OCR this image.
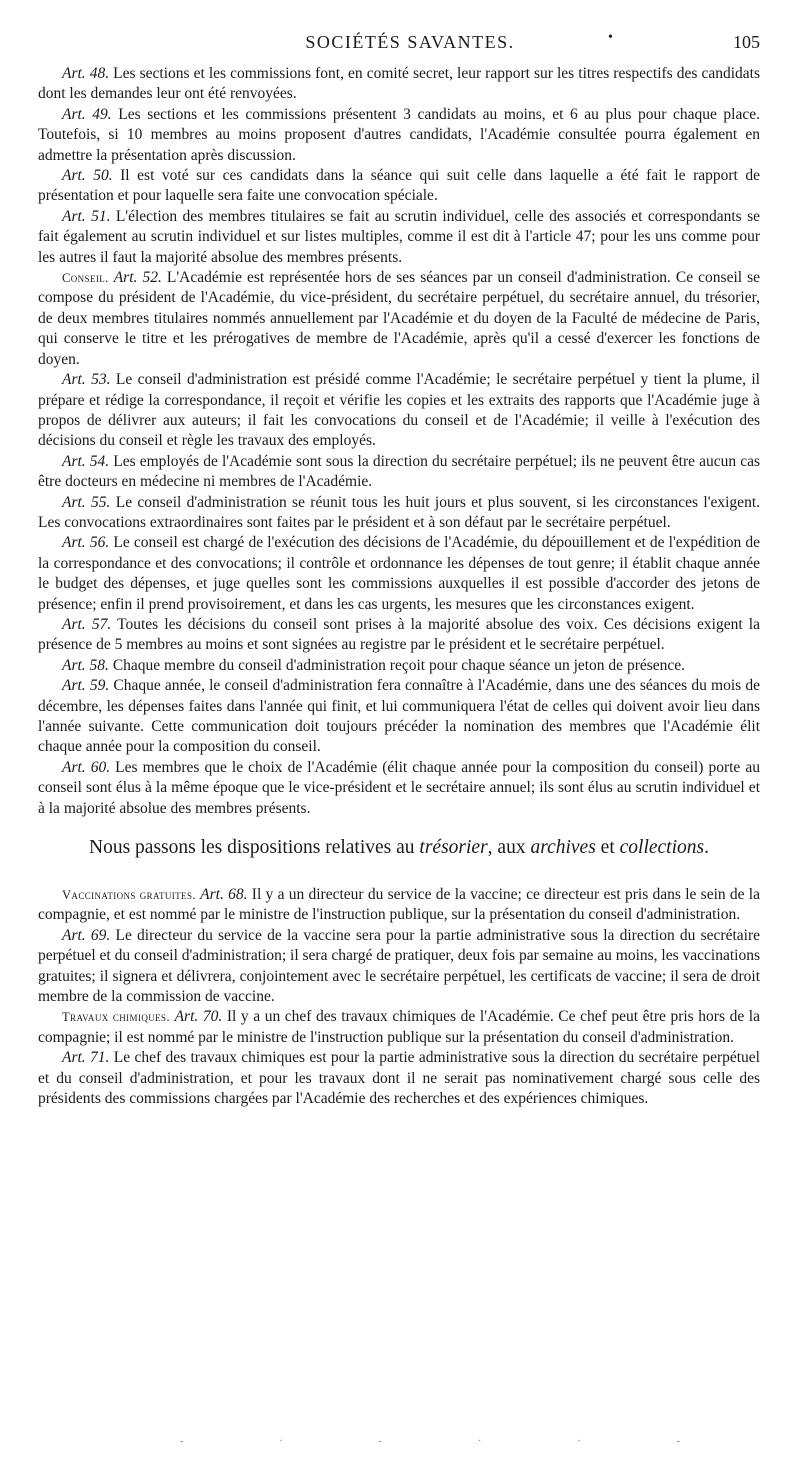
SOCIÉTÉS SAVANTES.	•	105

Art. 48. Les sections et les commissions font, en comité secret, leur rapport sur les titres respectifs des candidats dont les demandes leur ont été renvoyées.

Art. 49. Les sections et les commissions présentent 3 candidats au moins, et 6 au plus pour chaque place. Toutefois, si 10 membres au moins proposent d'autres candidats, l'Académie consultée pourra également en admettre la présentation après discussion.

Art. 50. Il est voté sur ces candidats dans la séance qui suit celle dans laquelle a été fait le rapport de présentation et pour laquelle sera faite une convocation spéciale.

Art. 51. L'élection des membres titulaires se fait au scrutin individuel, celle des associés et correspondants se fait également au scrutin individuel et sur listes multiples, comme il est dit à l'article 47; pour les uns comme pour les autres il faut la majorité absolue des membres présents.

Conseil. Art. 52. L'Académie est représentée hors de ses séances par un conseil d'administration. Ce conseil se compose du président de l'Académie, du vice-président, du secrétaire perpétuel, du secrétaire annuel, du trésorier, de deux membres titulaires nommés annuellement par l'Académie et du doyen de la Faculté de médecine de Paris, qui conserve le titre et les prérogatives de membre de l'Académie, après qu'il a cessé d'exercer les fonctions de doyen.

Art. 53. Le conseil d'administration est présidé comme l'Académie; le secrétaire perpétuel y tient la plume, il prépare et rédige la correspondance, il reçoit et vérifie les copies et les extraits des rapports que l'Académie juge à propos de délivrer aux auteurs; il fait les convocations du conseil et de l'Académie; il veille à l'exécution des décisions du conseil et règle les travaux des employés.

Art. 54. Les employés de l'Académie sont sous la direction du secrétaire perpétuel; ils ne peuvent être aucun cas être docteurs en médecine ni membres de l'Académie.

Art. 55. Le conseil d'administration se réunit tous les huit jours et plus souvent, si les circonstances l'exigent. Les convocations extraordinaires sont faites par le président et à son défaut par le secrétaire perpétuel.

Art. 56. Le conseil est chargé de l'exécution des décisions de l'Académie, du dépouillement et de l'expédition de la correspondance et des convocations; il contrôle et ordonnance les dépenses de tout genre; il établit chaque année le budget des dépenses, et juge quelles sont les commissions auxquelles il est possible d'accorder des jetons de présence; enfin il prend provisoirement, et dans les cas urgents, les mesures que les circonstances exigent.

Art. 57. Toutes les décisions du conseil sont prises à la majorité absolue des voix. Ces décisions exigent la présence de 5 membres au moins et sont signées au registre par le président et le secrétaire perpétuel.

Art. 58. Chaque membre du conseil d'administration reçoit pour chaque séance un jeton de présence.

Art. 59. Chaque année, le conseil d'administration fera connaître à l'Académie, dans une des séances du mois de décembre, les dépenses faites dans l'année qui finit, et lui communiquera l'état de celles qui doivent avoir lieu dans l'année suivante. Cette communication doit toujours précéder la nomination des membres que l'Académie élit chaque année pour la composition du conseil.

Art. 60. Les membres que le choix de l'Académie (élit chaque année pour la composition du conseil) porte au conseil sont élus à la même époque que le vice-président et le secrétaire annuel; ils sont élus au scrutin individuel et à la majorité absolue des membres présents.

Nous passons les dispositions relatives au trésorier, aux archives et collections.

Vaccinations gratuites. Art. 68. Il y a un directeur du service de la vaccine; ce directeur est pris dans le sein de la compagnie, et est nommé par le ministre de l'instruction publique, sur la présentation du conseil d'administration.

Art. 69. Le directeur du service de la vaccine sera pour la partie administrative sous la direction du secrétaire perpétuel et du conseil d'administration; il sera chargé de pratiquer, deux fois par semaine au moins, les vaccinations gratuites; il signera et délivrera, conjointement avec le secrétaire perpétuel, les certificats de vaccine; il sera de droit membre de la commission de vaccine.

Travaux chimiques. Art. 70. Il y a un chef des travaux chimiques de l'Académie. Ce chef peut être pris hors de la compagnie; il est nommé par le ministre de l'instruction publique sur la présentation du conseil d'administration.

Art. 71. Le chef des travaux chimiques est pour la partie administrative sous la direction du secrétaire perpétuel et du conseil d'administration, et pour les travaux dont il ne serait pas nominativement chargé sous celle des présidents des commissions chargées par l'Académie des recherches et des expériences chimiques.

-	·	-	·	·	-
